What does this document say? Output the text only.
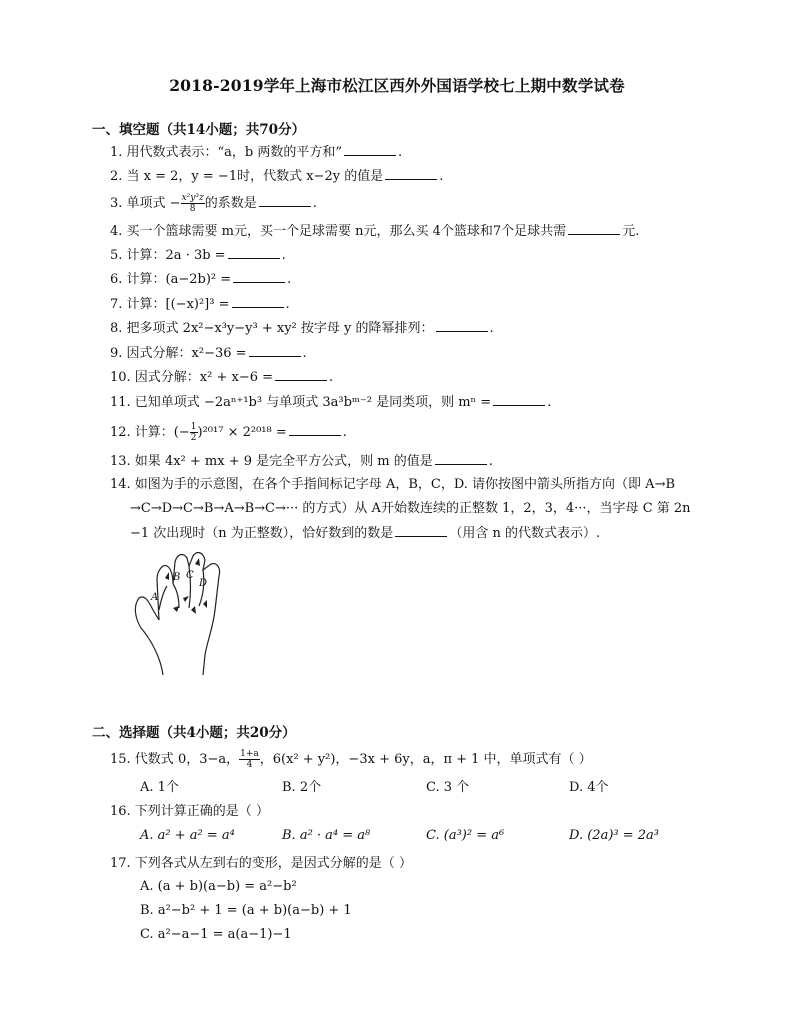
2018-2019学年上海市松江区西外外国语学校七上期中数学试卷
一、填空题（共14小题；共70分）
1. 用代数式表示：“a，b 两数的平方和”	.
2. 当 x = 2，y = −1时，代数式 x−2y 的值是	.
3. 单项式 − $\frac{\text{x²y³z}}{8}$ 的系数是	.
4. 买一个篮球需要 m元，买一个足球需要 n元，那么买 4个篮球和7个足球共需	元.
5. 计算：2a · 3b =	.
6. 计算：(a−2b)² =	.
7. 计算：[(−x)²]³ =	.
8. 把多项式 2x²−x³y−y³ + xy² 按字母 y 的降幂排列：	.
9. 因式分解：x²−36 =	.
10. 因式分解：x² + x−6 =	.
11. 已知单项式 −2aⁿ⁺¹b³ 与单项式 3a³bᵐ⁻² 是同类项，则 mⁿ =	.
12. 计算：(− $\frac{1}{2} )^{2017} \times 2^{2018}$ =	.
13. 如果 4x² + mx + 9 是完全平方公式，则 m 的值是	.
14. 如图为手的示意图，在各个手指间标记字母 A，B，C，D. 请你按图中箭头所指方向（即 A→B
→C→D→C→B→A→B→C→··· 的方式）从 A开始数连续的正整数 1，2，3，4···，当字母 C 第 2n
−1 次出现时（n 为正整数），恰好数到的数是	（用含 n 的代数式表示）.
A
B C
D
二、选择题（共4小题；共20分）
15. 代数式 0，3−a， $\frac{1+a}{4}$ ，6(x² + y²)，−3x + 6y，a，π + 1 中，单项式有（ ）
A. 1个	B. 2个	C. 3 个	D. 4个
16. 下列计算正确的是（ ）
A. a² + a² = a⁴	B. a² · a⁴ = a⁸	C. (a³)² = a⁶	D. (2a)³ = 2a³
17. 下列各式从左到右的变形，是因式分解的是（ ）
A. (a + b)(a−b) = a²−b²
B. a²−b² + 1 = (a + b)(a−b) + 1
C. a²−a−1 = a(a−1)−1
